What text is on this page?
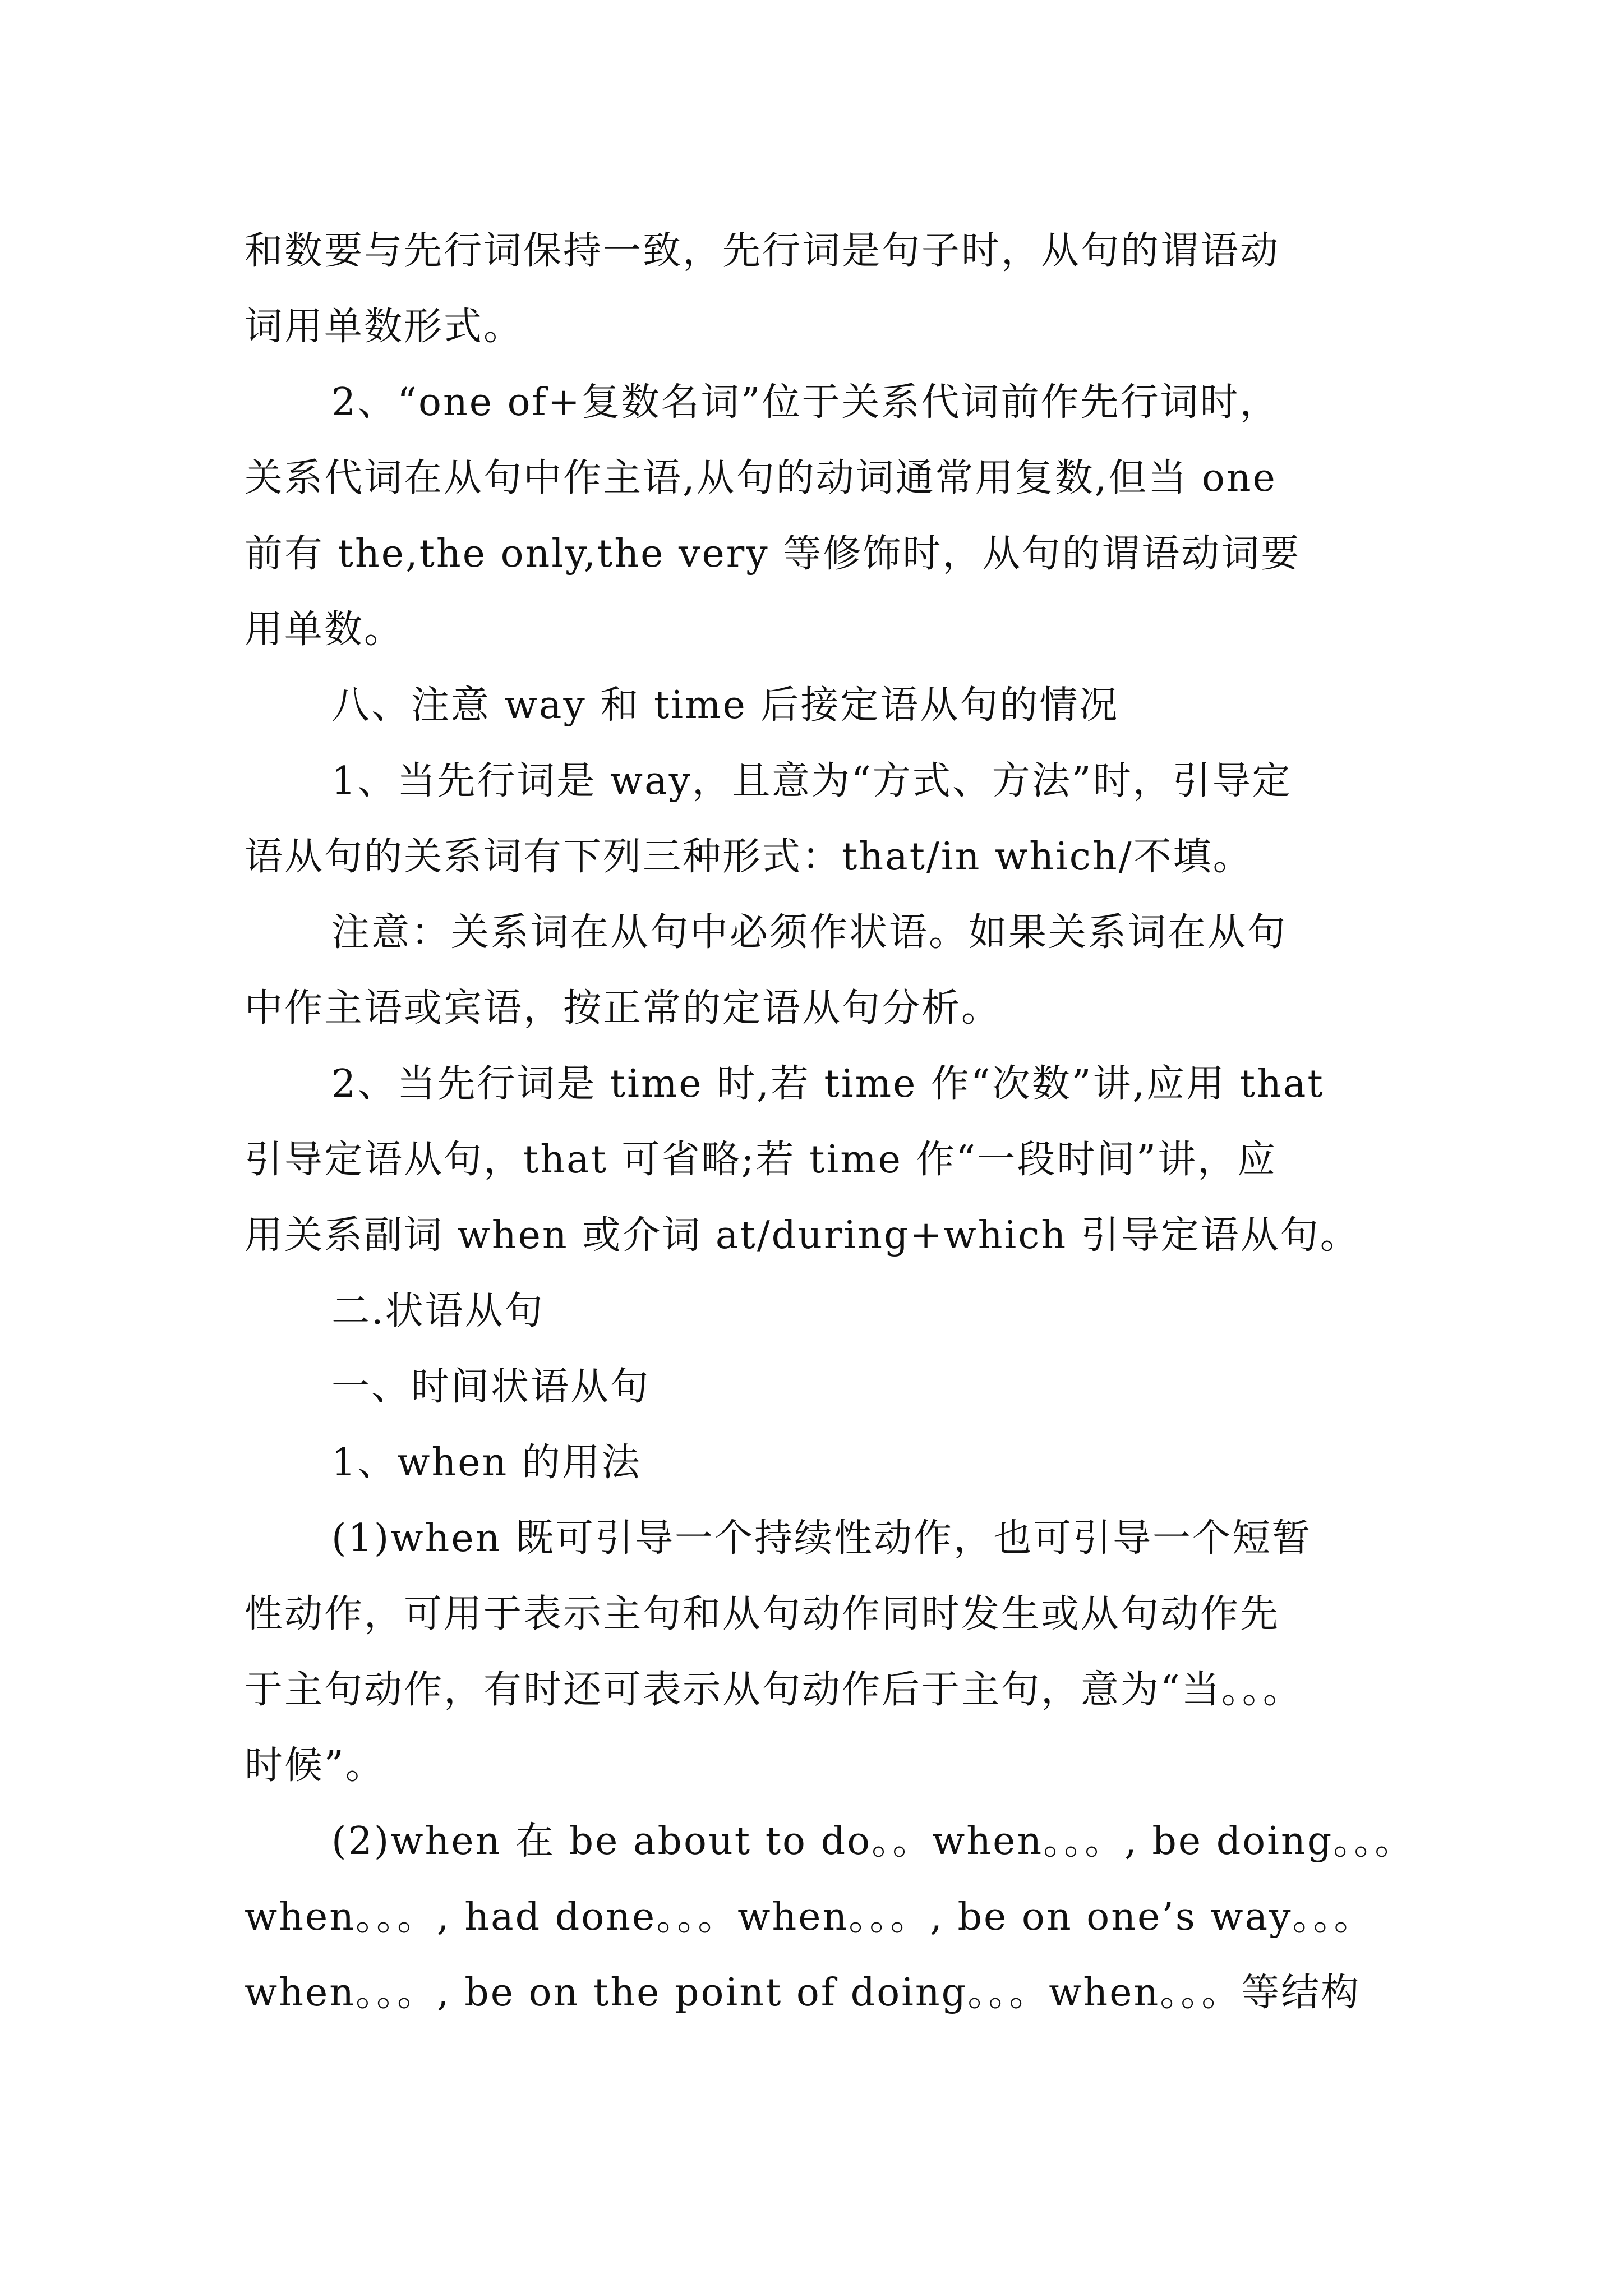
和数要与先行词保持一致，先行词是句子时，从句的谓语动
词用单数形式。
2、“one of+复数名词”位于关系代词前作先行词时，
关系代词在从句中作主语,从句的动词通常用复数,但当 one
前有 the,the only,the very 等修饰时，从句的谓语动词要
用单数。
八、注意 way 和 time 后接定语从句的情况
1、当先行词是 way，且意为“方式、方法”时，引导定
语从句的关系词有下列三种形式：that/in which/不填。
注意：关系词在从句中必须作状语。如果关系词在从句
中作主语或宾语，按正常的定语从句分析。
2、当先行词是 time 时,若 time 作“次数”讲,应用 that
引导定语从句，that 可省略;若 time 作“一段时间”讲，应
用关系副词 when 或介词 at/during+which 引导定语从句。
二.状语从句
一、时间状语从句
1、when 的用法
(1)when 既可引导一个持续性动作，也可引导一个短暂
性动作，可用于表示主句和从句动作同时发生或从句动作先
于主句动作，有时还可表示从句动作后于主句，意为“当。。。
时候”。
(2)when 在 be about to do。。when。。。, be doing。。。
when。。。, had done。。。when。。。, be on one’s way。。。
when。。。, be on the point of doing。。。when。。。等结构
